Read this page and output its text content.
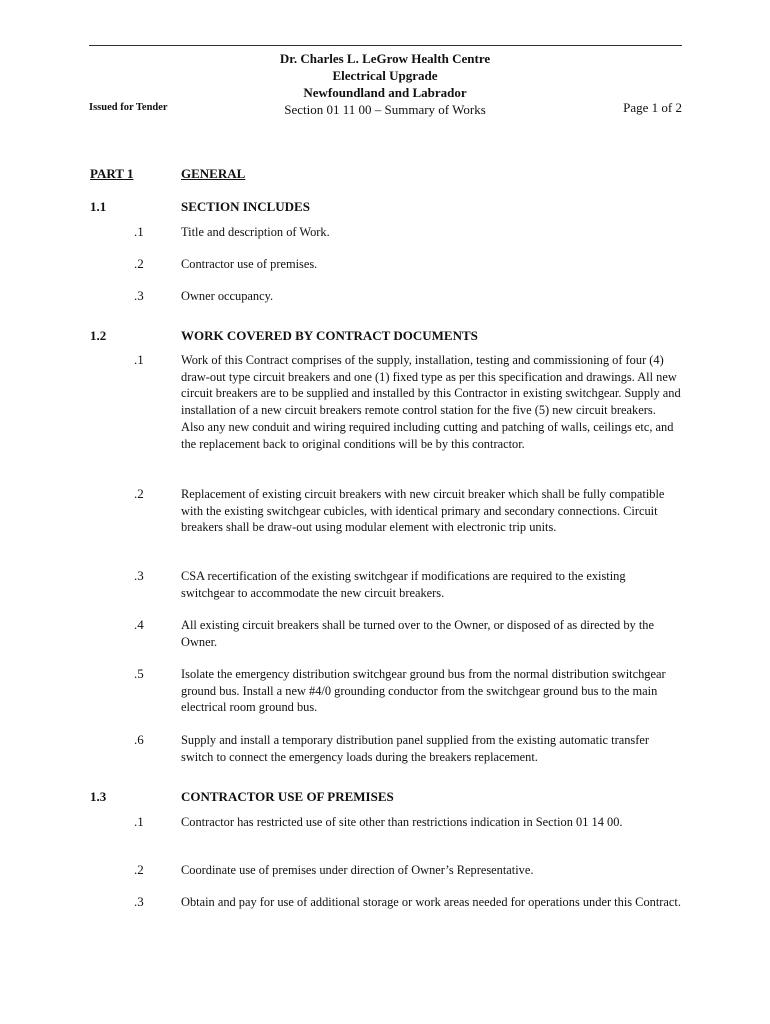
Dr. Charles L. LeGrow Health Centre
Electrical Upgrade
Newfoundland and Labrador
Section 01 11 00 – Summary of Works
Issued for Tender	Page 1 of 2
PART 1	GENERAL
1.1	SECTION INCLUDES
.1	Title and description of Work.
.2	Contractor use of premises.
.3	Owner occupancy.
1.2	WORK COVERED BY CONTRACT DOCUMENTS
.1	Work of this Contract comprises of the supply, installation, testing and commissioning of four (4) draw-out type circuit breakers and one (1) fixed type as per this specification and drawings. All new circuit breakers are to be supplied and installed by this Contractor in existing switchgear. Supply and installation of a new circuit breakers remote control station for the five (5) new circuit breakers. Also any new conduit and wiring required including cutting and patching of walls, ceilings etc, and the replacement back to original conditions will be by this contractor.
.2	Replacement of existing circuit breakers with new circuit breaker which shall be fully compatible with the existing switchgear cubicles, with identical primary and secondary connections. Circuit breakers shall be draw-out using modular element with electronic trip units.
.3	CSA recertification of the existing switchgear if modifications are required to the existing switchgear to accommodate the new circuit breakers.
.4	All existing circuit breakers shall be turned over to the Owner, or disposed of as directed by the Owner.
.5	Isolate the emergency distribution switchgear ground bus from the normal distribution switchgear ground bus. Install a new #4/0 grounding conductor from the switchgear ground bus to the main electrical room ground bus.
.6	Supply and install a temporary distribution panel supplied from the existing automatic transfer switch to connect the emergency loads during the breakers replacement.
1.3	CONTRACTOR USE OF PREMISES
.1	Contractor has restricted use of site other than restrictions indication in Section 01 14 00.
.2	Coordinate use of premises under direction of Owner’s Representative.
.3	Obtain and pay for use of additional storage or work areas needed for operations under this Contract.
